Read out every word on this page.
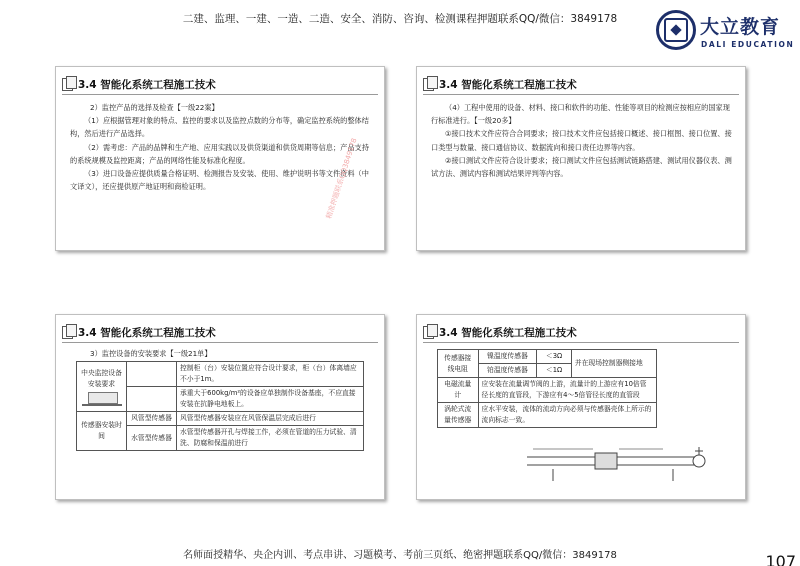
二建、监理、一建、一造、二造、安全、消防、咨询、检测课程押题联系QQ/微信：3849178	大立教育
DALI EDUCATION
3.4 智能化系统工程施工技术

2）监控产品的选择及检查【一级22案】

（1）应根据管理对象的特点、监控的要求以及监控点数的分布等，确定监控系统的整体结构，然后进行产品选择。

（2）需考虑：产品的品牌和生产地、应用实践以及供货渠道和供货周期等信息；产品支持的系统规模及监控距离；产品的网络性能及标准化程度。

（3）进口设备应提供质量合格证明、检测报告及安装、使用、维护说明书等文件资料（中文译文），还应提供原产地证明和商检证明。	精准押题联系QQ3849178
3.4 智能化系统工程施工技术

（4）工程中使用的设备、材料、接口和软件的功能、性能等项目的检测应按相应的国家现行标准进行。【一级20多】

①接口技术文件应符合合同要求；接口技术文件应包括接口概述、接口框图、接口位置、接口类型与数量、接口通信协议、数据流向和接口责任边界等内容。

②接口测试文件应符合设计要求；接口测试文件应包括测试链路搭建、测试用仪器仪表、测试方法、测试内容和测试结果评判等内容。

3.4 智能化系统工程施工技术
3）监控设备的安装要求【一级21单】
中央监控设备安装要求		控制柜（台）安装位置应符合设计要求，柜（台）体离墙应不小于1m。
		承重大于600kg/m²的设备应单独制作设备基座，不应直接安装在抗静电地板上。
传感器安装时间	风管型传感器	风管型传感器安装应在风管保温层完成后进行
	水管型传感器	水管型传感器开孔与焊接工作，必须在管道的压力试验、清洗、防腐和保温前进行
3.4 智能化系统工程施工技术
传感器接线电阻	镍温度传感器	＜3Ω	并在现场控制器侧接地
	铂温度传感器	＜1Ω	
电磁流量计	应安装在流量调节阀的上游，流量计的上游应有10倍管径长度的直管段，下游应有4～5倍管径长度的直管段		
涡轮式流量传感器	应水平安装，流体的流动方向必须与传感器壳体上所示的流向标志一致。		
名师面授精华、央企内训、考点串讲、习题模考、考前三页纸、绝密押题联系QQ/微信：3849178	107
